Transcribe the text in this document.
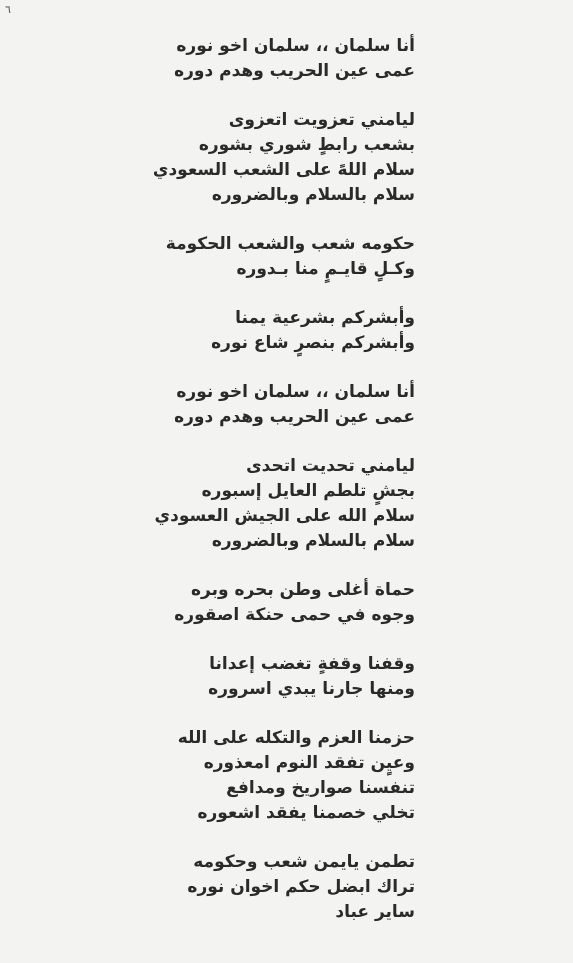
٦
أنا سلمان ،، سلمان اخو نوره
عمى عين الحريب وهدم دوره
ليامني تعزويت اتعزوى
بشعب رابطٍ شوري بشوره
سلام اللهً على الشعب السعودي
سلام بالسلام وبالضروره
حكومه شعب والشعب الحكومة
وكـلٍ قايـمٍ منا بـدوره
وأبشركم بشرعية يمنا
وأبشركم بنصرٍ شاع نوره
أنا سلمان ،، سلمان اخو نوره
عمى عين الحريب وهدم دوره
ليامني تحديت اتحدى
بجشٍ تلطم العايل إسبوره
سلام الله على الجيش العسودي
سلام بالسلام وبالضروره
حماة أغلى وطن بحره وبره
وجوه في حمى حنكة اصقوره
وقفنا وقفةٍ تغضب إعدانا
ومنها جارنا يبدي اسروره
حزمنا العزم والتكله على الله
وعيٍن تفقد النوم امعذوره
تنفسنا صواريخ ومدافع
تخلي خصمنا يفقد اشعوره
تطمن يايمن شعب وحكومه
تراك ابضل حكم اخوان نوره
ساير عباد
